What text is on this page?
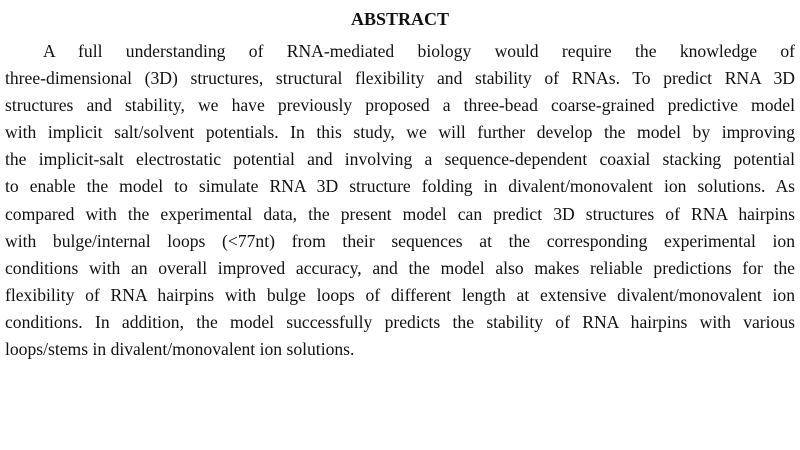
ABSTRACT
A full understanding of RNA-mediated biology would require the knowledge of
three-dimensional (3D) structures, structural flexibility and stability of RNAs. To predict RNA 3D
structures and stability, we have previously proposed a three-bead coarse-grained predictive model
with implicit salt/solvent potentials. In this study, we will further develop the model by improving
the implicit-salt electrostatic potential and involving a sequence-dependent coaxial stacking potential
to enable the model to simulate RNA 3D structure folding in divalent/monovalent ion solutions. As
compared with the experimental data, the present model can predict 3D structures of RNA hairpins
with bulge/internal loops (<77nt) from their sequences at the corresponding experimental ion
conditions with an overall improved accuracy, and the model also makes reliable predictions for the
flexibility of RNA hairpins with bulge loops of different length at extensive divalent/monovalent ion
conditions. In addition, the model successfully predicts the stability of RNA hairpins with various
loops/stems in divalent/monovalent ion solutions.
